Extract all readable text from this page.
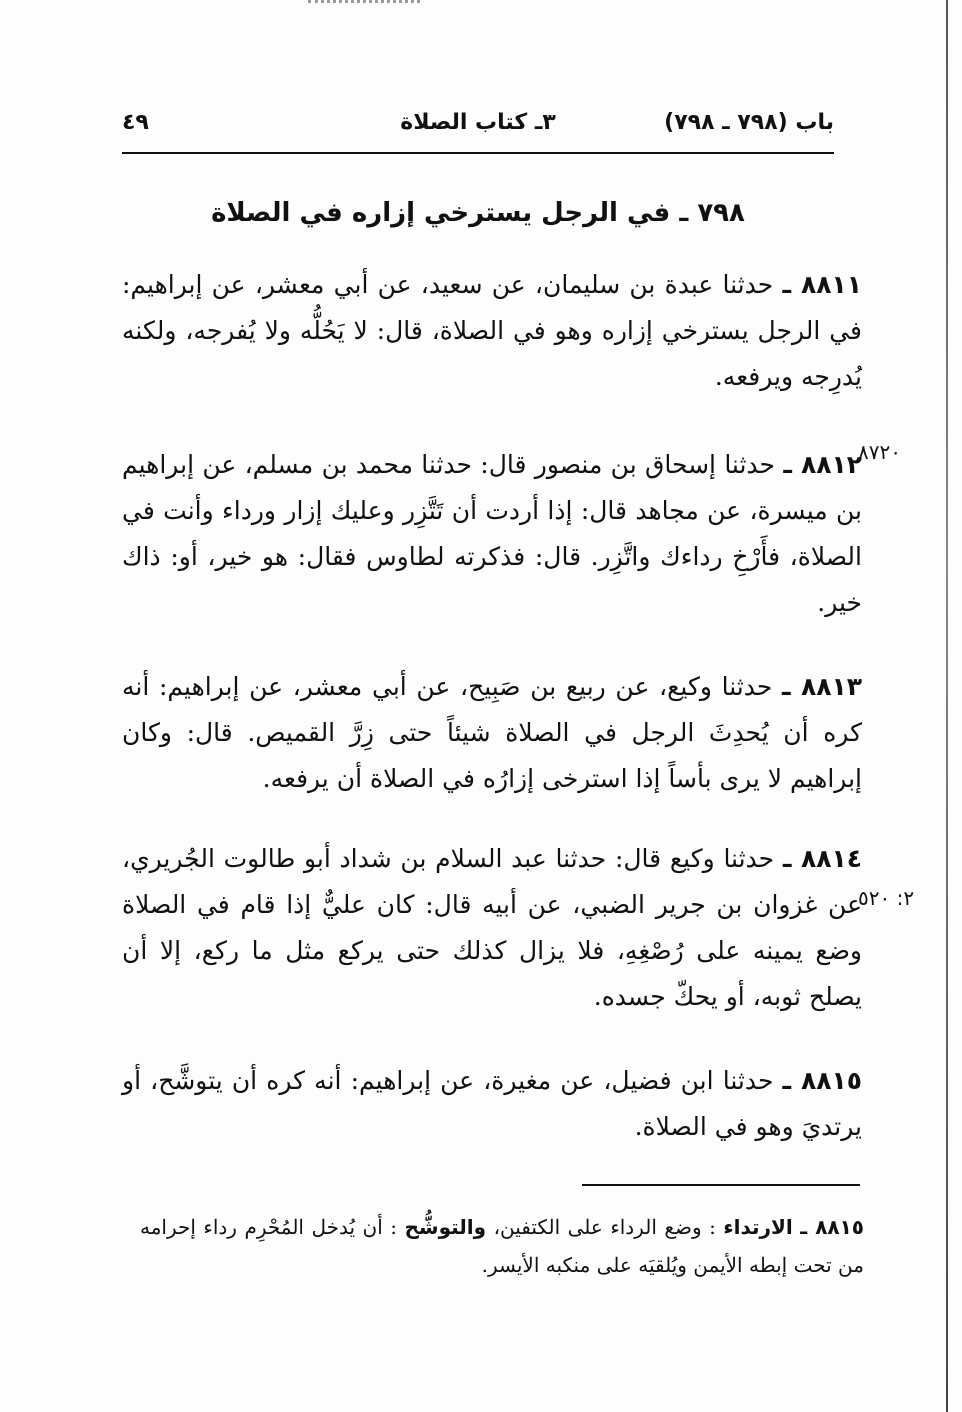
باب (٧٩٨ ـ ٧٩٨)
٣ـ كتاب الصلاة
٤٩
٧٩٨ ـ في الرجل يسترخي إزاره في الصلاة
٨٨١١ ـ حدثنا عبدة بن سليمان، عن سعيد، عن أبي معشر، عن إبراهيم: في الرجل يسترخي إزاره وهو في الصلاة، قال: لا يَحُلُّه ولا يُفرجه، ولكنه يُدرِجه ويرفعه.
٨٧٢٠
٨٨١٢ ـ حدثنا إسحاق بن منصور قال: حدثنا محمد بن مسلم، عن إبراهيم بن ميسرة، عن مجاهد قال: إذا أردت أن تَتَّزِر وعليك إزار ورداء وأنت في الصلاة، فأَرْخِ رداءك واتَّزِر. قال: فذكرته لطاوس فقال: هو خير، أو: ذاك خير.
٨٨١٣ ـ حدثنا وكيع، عن ربيع بن صَبِيح، عن أبي معشر، عن إبراهيم: أنه كره أن يُحدِثَ الرجل في الصلاة شيئاً حتى زِرَّ القميص. قال: وكان إبراهيم لا يرى بأساً إذا استرخى إزارُه في الصلاة أن يرفعه.
٢: ٥٢٠
٨٨١٤ ـ حدثنا وكيع قال: حدثنا عبد السلام بن شداد أبو طالوت الجُريري، عن غزوان بن جرير الضبي، عن أبيه قال: كان عليٌّ إذا قام في الصلاة وضع يمينه على رُصْغِهِ، فلا يزال كذلك حتى يركع مثل ما ركع، إلا أن يصلح ثوبه، أو يحكّ جسده.
٨٨١٥ ـ حدثنا ابن فضيل، عن مغيرة، عن إبراهيم: أنه كره أن يتوشَّح، أو يرتديَ وهو في الصلاة.
٨٨١٥ ـ الارتداء : وضع الرداء على الكتفين، والتوشُّح : أن يُدخل المُحْرِم رداء إحرامه من تحت إبطه الأيمن ويُلقيَه على منكبه الأيسر.
